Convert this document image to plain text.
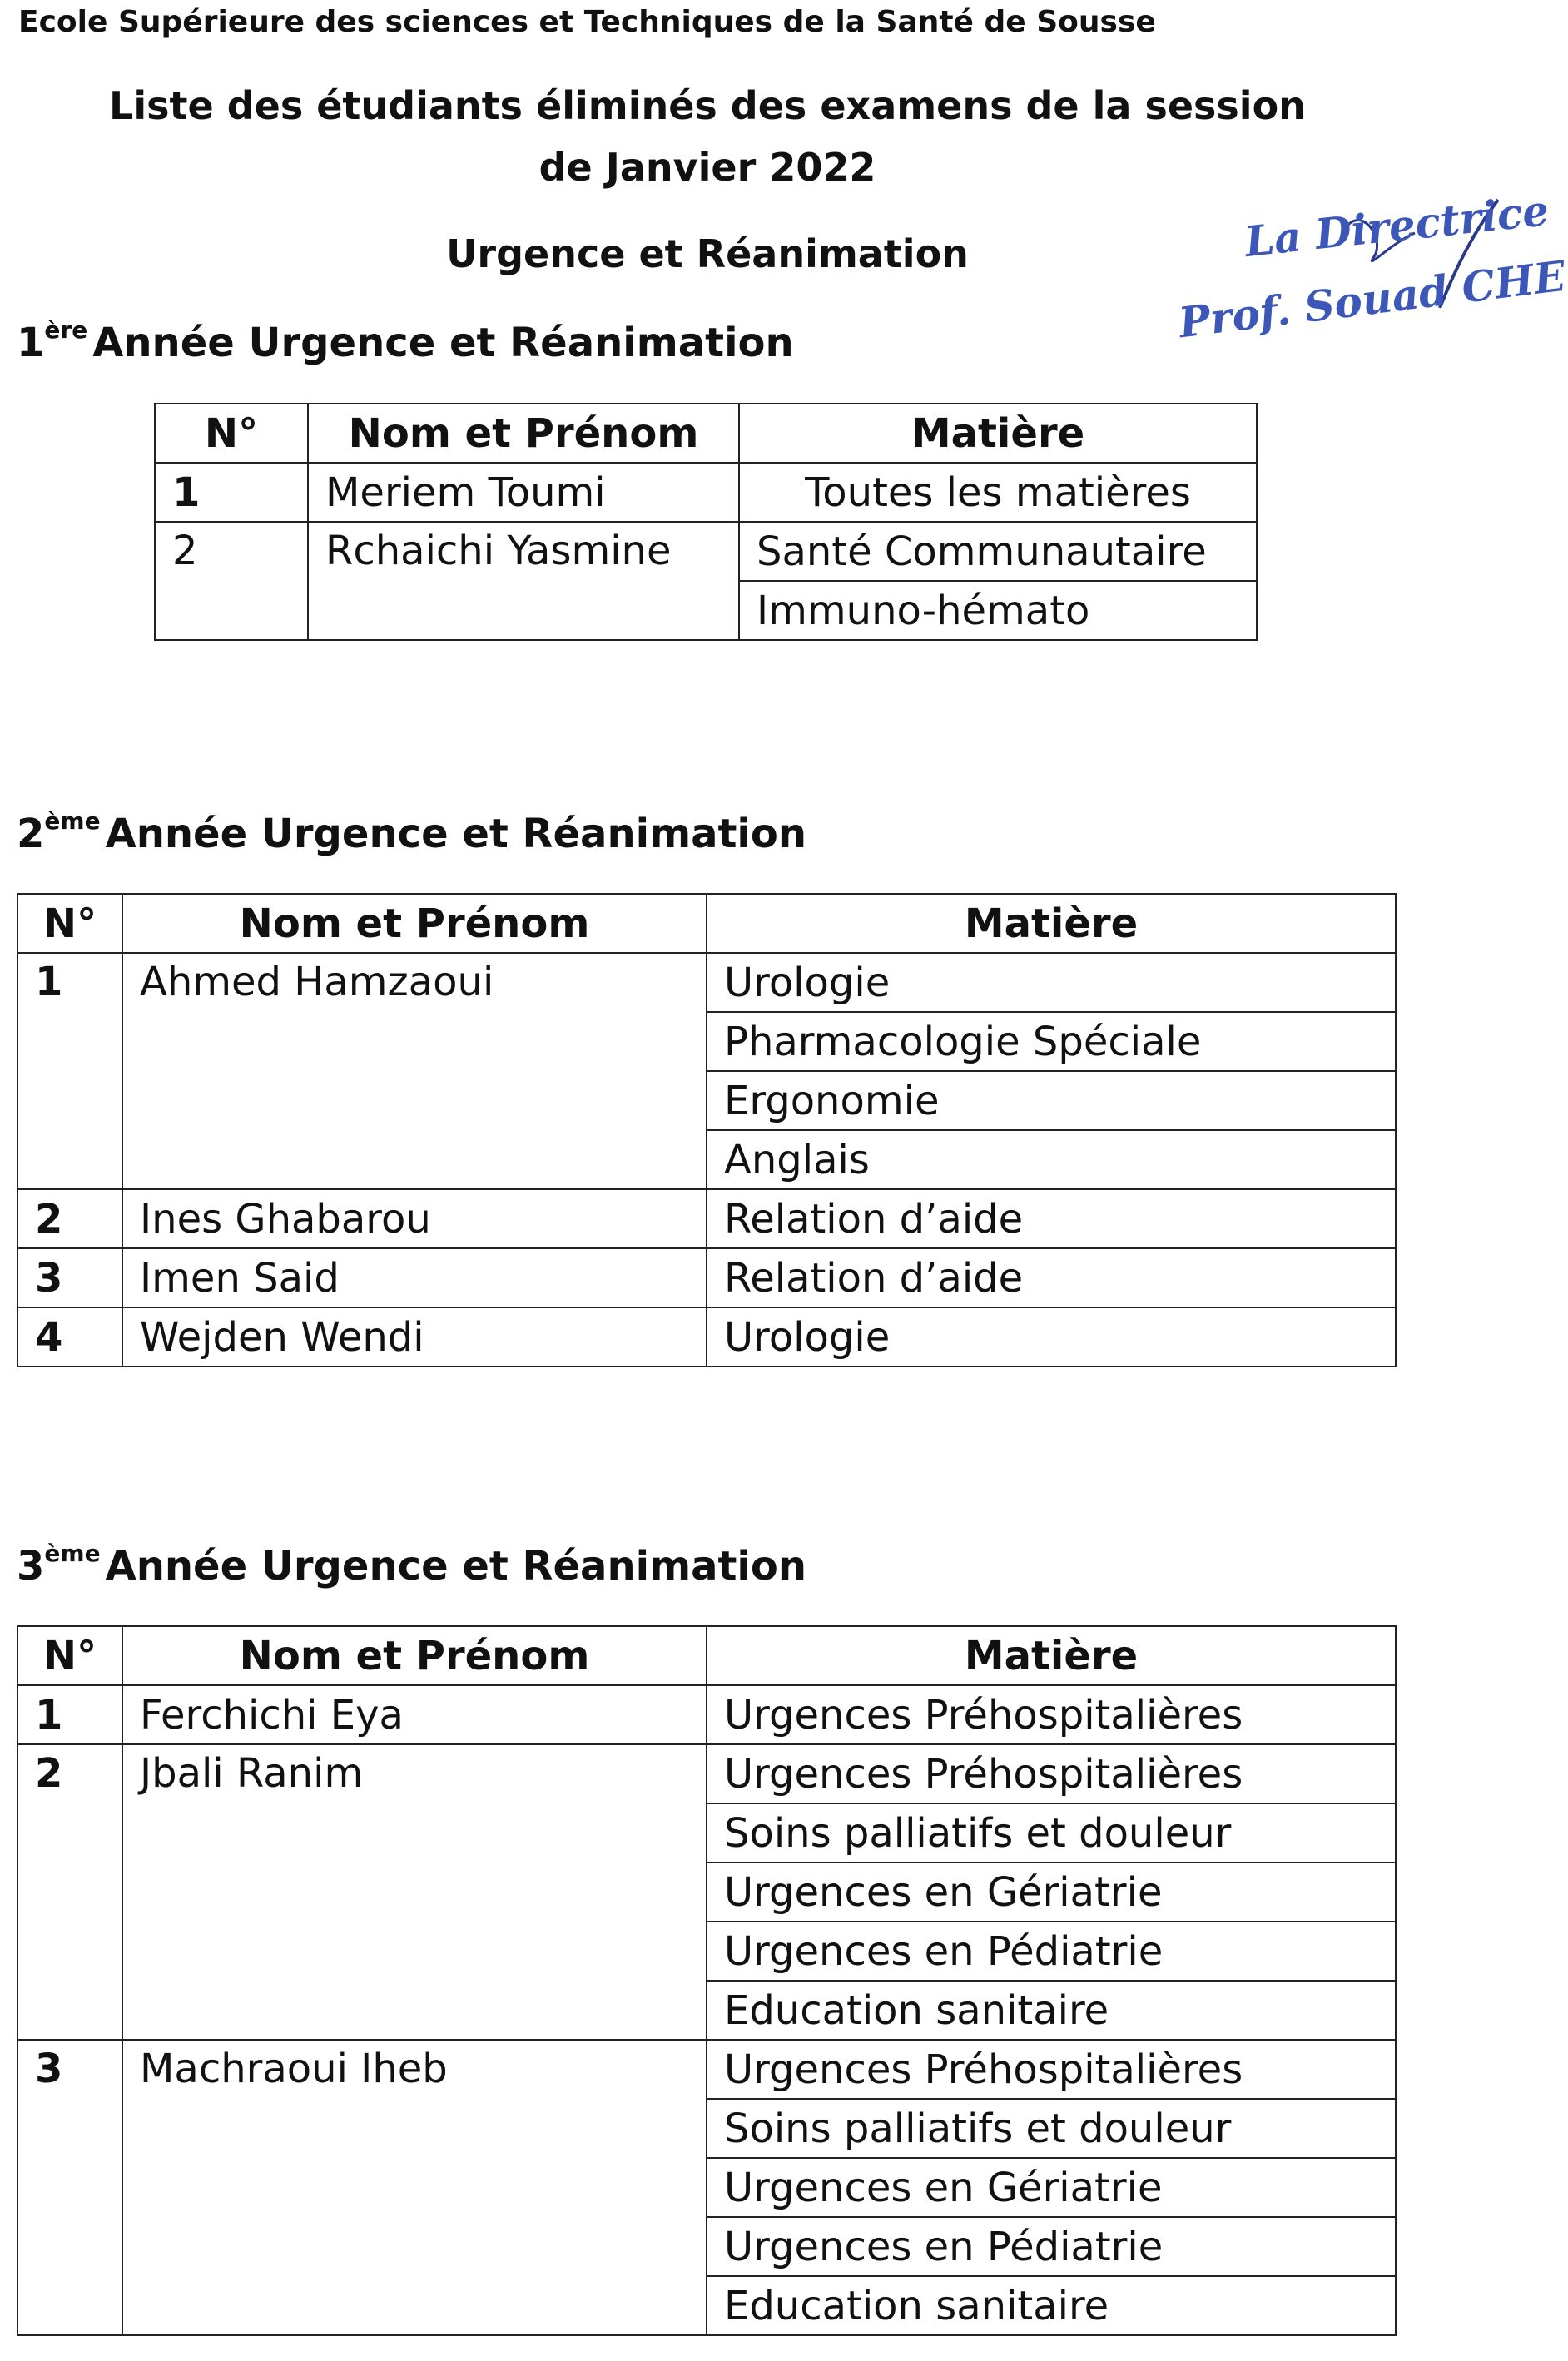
Ecole Supérieure des sciences et Techniques de la Santé de Sousse
Liste des étudiants éliminés des examens de la session
de Janvier 2022
Urgence et Réanimation	La Directrice
Prof. Souad CHE
1ère Année Urgence et Réanimation
N°	Nom et Prénom	Matière
1	Meriem Toumi	Toutes les matières
2	Rchaichi Yasmine	Santé Communautaire
		Immuno-hémato
2ème Année Urgence et Réanimation
N°	Nom et Prénom	Matière
1	Ahmed Hamzaoui	Urologie
		Pharmacologie Spéciale
		Ergonomie
		Anglais
2	Ines Ghabarou	Relation d’aide
3	Imen Said	Relation d’aide
4	Wejden Wendi	Urologie
3ème Année Urgence et Réanimation
N°	Nom et Prénom	Matière
1	Ferchichi Eya	Urgences Préhospitalières
2	Jbali Ranim	Urgences Préhospitalières
		Soins palliatifs et douleur
		Urgences en Gériatrie
		Urgences en Pédiatrie
		Education sanitaire
3	Machraoui Iheb	Urgences Préhospitalières
		Soins palliatifs et douleur
		Urgences en Gériatrie
		Urgences en Pédiatrie
		Education sanitaire
